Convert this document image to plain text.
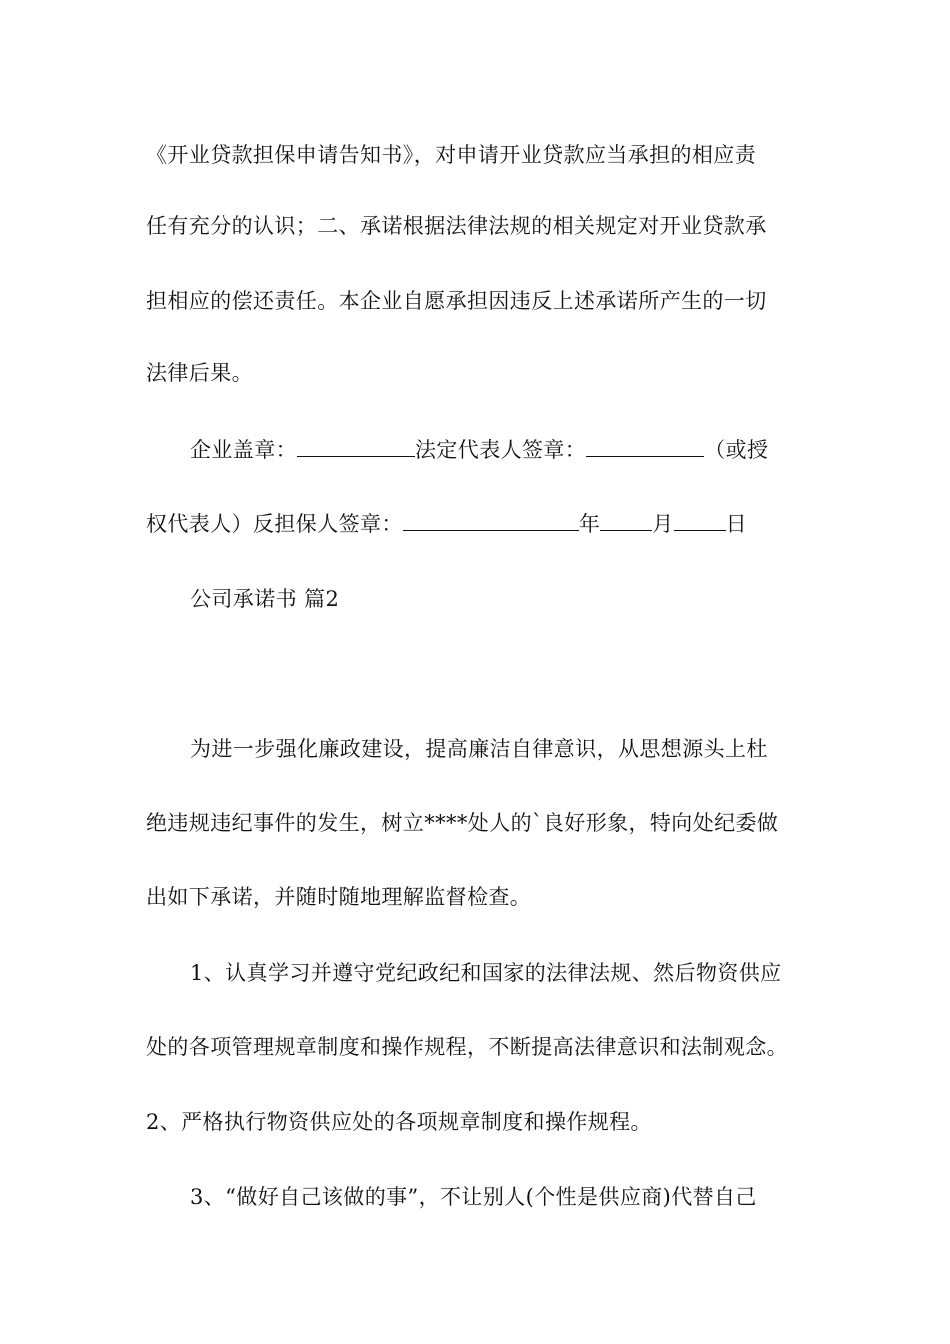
《开业贷款担保申请告知书》，对申请开业贷款应当承担的相应责
任有充分的认识；二、承诺根据法律法规的相关规定对开业贷款承
担相应的偿还责任。本企业自愿承担因违反上述承诺所产生的一切
法律后果。
企业盖章：	法定代表人签章：	（或授
权代表人）反担保人签章：	年 月 日
公司承诺书 篇2
为进一步强化廉政建设，提高廉洁自律意识，从思想源头上杜
绝违规违纪事件的发生，树立****处人的`良好形象，特向处纪委做
出如下承诺，并随时随地理解监督检查。
1、认真学习并遵守党纪政纪和国家的法律法规、然后物资供应
处的各项管理规章制度和操作规程，不断提高法律意识和法制观念。
2、严格执行物资供应处的各项规章制度和操作规程。
3、“做好自己该做的事”，不让别人(个性是供应商)代替自己
